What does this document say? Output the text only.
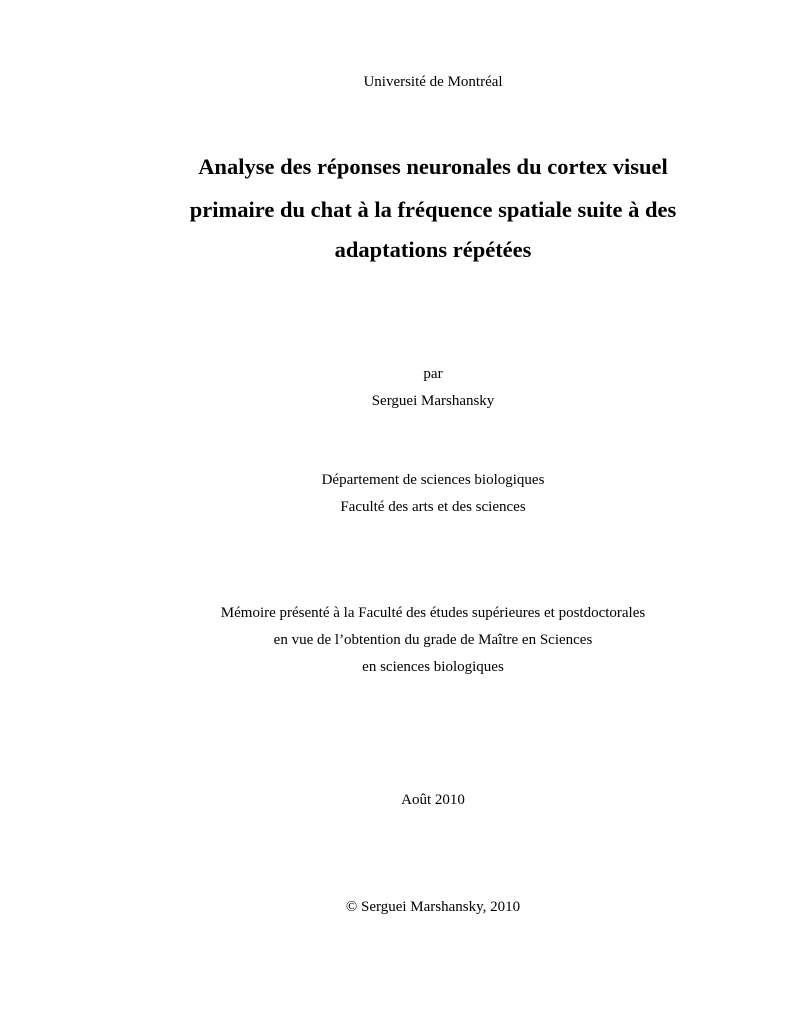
Université de Montréal
Analyse des réponses neuronales du cortex visuel
primaire du chat à la fréquence spatiale suite à des
adaptations répétées
par
Serguei Marshansky
Département de sciences biologiques
Faculté des arts et des sciences
Mémoire présenté à la Faculté des études supérieures et postdoctorales
en vue de l’obtention du grade de Maître en Sciences
en sciences biologiques
Août 2010
© Serguei Marshansky, 2010
